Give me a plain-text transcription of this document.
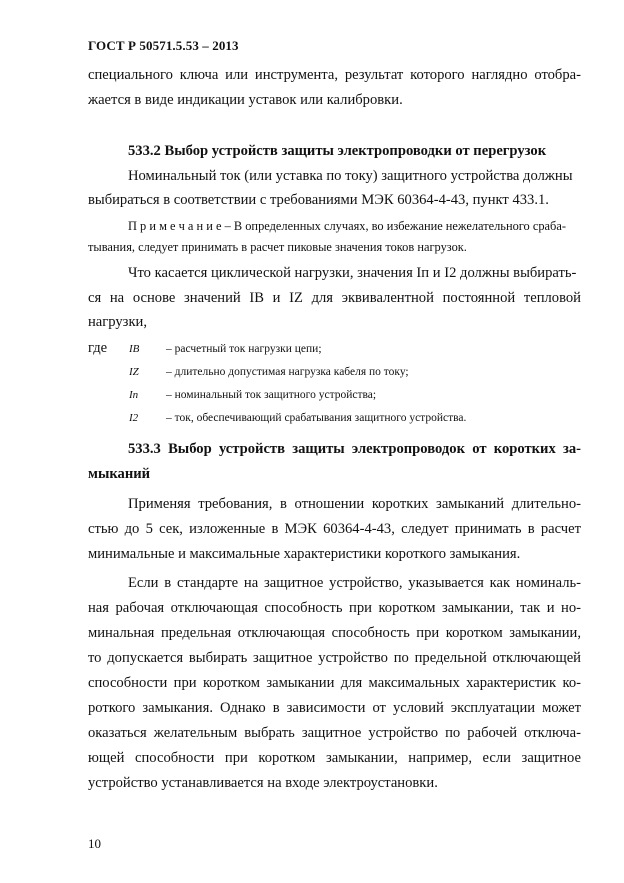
ГОСТ Р 50571.5.53 – 2013
специального ключа или инструмента, результат которого наглядно отобра-
жается в виде индикации уставок или калибровки.
533.2 Выбор устройств защиты электропроводки от перегрузок
Номинальный ток (или уставка по току) защитного устройства должны
выбираться в соответствии с требованиями МЭК 60364-4-43, пункт 433.1.
П р и м е ч а н и е – В определенных случаях, во избежание нежелательного сраба-
тывания, следует принимать в расчет пиковые значения токов нагрузок.
Что касается циклической нагрузки, значения Iп и I2 должны выбирать-
ся на основе значений IВ и IZ для эквивалентной постоянной тепловой
нагрузки,
где IB – расчетный ток нагрузки цепи;
IZ – длительно допустимая нагрузка кабеля по току;
In – номинальный ток защитного устройства;
I2 – ток, обеспечивающий срабатывания защитного устройства.
533.3 Выбор устройств защиты электропроводок от коротких за-
мыканий
Применяя требования, в отношении коротких замыканий длительно-
стью до 5 сек, изложенные в МЭК 60364-4-43, следует принимать в расчет
минимальные и максимальные характеристики короткого замыкания.
Если в стандарте на защитное устройство, указывается как номиналь-
ная рабочая отключающая способность при коротком замыкании, так и но-
минальная предельная отключающая способность при коротком замыкании,
то допускается выбирать защитное устройство по предельной отключающей
способности при коротком замыкании для максимальных характеристик ко-
роткого замыкания. Однако в зависимости от условий эксплуатации может
оказаться желательным выбрать защитное устройство по рабочей отключа-
ющей способности при коротком замыкании, например, если защитное
устройство устанавливается на входе электроустановки.
10
